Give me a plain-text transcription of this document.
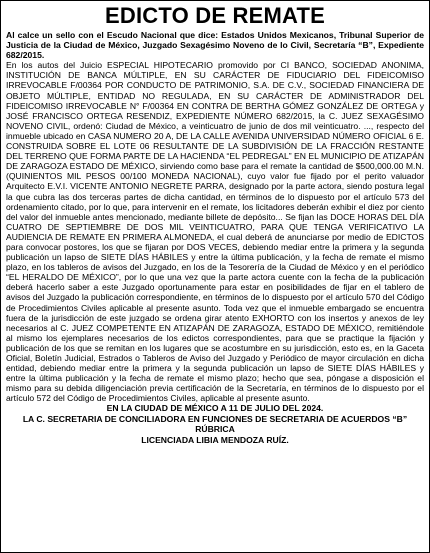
EDICTO DE REMATE

Al calce un sello con el Escudo Nacional que dice: Estados Unidos Mexicanos, Tribunal Superior de Justicia de la Ciudad de México, Juzgado Sexagésimo Noveno de lo Civil, Secretaría “B”, Expediente 682/2015.

En los autos del Juicio ESPECIAL HIPOTECARIO promovido por CI BANCO, SOCIEDAD ANONIMA, INSTITUCIÓN DE BANCA MÚLTIPLE, EN SU CARÁCTER DE FIDUCIARIO DEL FIDEICOMISO IRREVOCABLE F/00364 POR CONDUCTO DE PATRIMONIO, S.A. DE C.V., SOCIEDAD FINANCIERA DE OBJETO MÚLTIPLE, ENTIDAD NO REGULADA, EN SU CARÁCTER DE ADMINISTRADOR DEL FIDEICOMISO IRREVOCABLE N° F/00364 EN CONTRA DE BERTHA GÓMEZ GONZÁLEZ DE ORTEGA y JOSÉ FRANCISCO ORTEGA RESENDIZ, EXPEDIENTE NÚMERO 682/2015, la C. JUEZ SEXAGÉSIMO NOVENO CIVIL, ordenó: Ciudad de México, a veinticuatro de junio de dos mil veinticuatro. ..., respecto del inmueble ubicado en CASA NUMERO 20 A, DE LA CALLE AVENIDA UNIVERSIDAD NÚMERO OFICIAL 6 E. CONSTRUIDA SOBRE EL LOTE 06 RESULTANTE DE LA SUBDIVISIÓN DE LA FRACCIÓN RESTANTE DEL TERRENO QUE FORMA PARTE DE LA HACIENDA “EL PEDREGAL” EN EL MUNICIPIO DE ATIZAPÁN DE ZARAGOZA ESTADO DE MÉXICO, sirviendo como base para el remate la cantidad de $500,000.00 M.N. (QUINIENTOS MIL PESOS 00/100 MONEDA NACIONAL), cuyo valor fue fijado por el perito valuador Arquitecto E.V.I. VICENTE ANTONIO NEGRETE PARRA, designado por la parte actora, siendo postura legal la que cubra las dos terceras partes de dicha cantidad, en términos de lo dispuesto por el artículo 573 del ordenamiento citado, por lo que, para intervenir en el remate, los licitadores deberán exhibir el diez por ciento del valor del inmueble antes mencionado, mediante billete de depósito... Se fijan las DOCE HORAS DEL DÍA CUATRO DE SEPTIEMBRE DE DOS MIL VEINTICUATRO, PARA QUE TENGA VERIFICATIVO LA AUDIENCIA DE REMATE EN PRIMERA ALMONEDA, el cual deberá de anunciarse por medio de EDICTOS para convocar postores, los que se fijaran por DOS VECES, debiendo mediar entre la primera y la segunda publicación un lapso de SIETE DÍAS HÁBILES y entre la última publicación, y la fecha de remate el mismo plazo, en los tableros de avisos del Juzgado, en los de la Tesorería de la Ciudad de México y en el periódico “EL HERALDO DE MÉXICO”, por lo que una vez que la parte actora cuente con la fecha de la publicación deberá hacerlo saber a este Juzgado oportunamente para estar en posibilidades de fijar en el tablero de avisos del Juzgado la publicación correspondiente, en términos de lo dispuesto por el artículo 570 del Código de Procedimientos Civiles aplicable al presente asunto. Toda vez que el inmueble embargado se encuentra fuera de la jurisdicción de este juzgado se ordena girar atento EXHORTO con los insertos y anexos de ley necesarios al C. JUEZ COMPETENTE EN ATIZAPÁN DE ZARAGOZA, ESTADO DE MÉXICO, remitiéndole al mismo los ejemplares necesarios de los edictos correspondientes, para que se practique la fijación y publicación de los que se remitan en los lugares que se acostumbre en su jurisdicción, esto es, en la Gaceta Oficial, Boletín Judicial, Estrados o Tableros de Aviso del Juzgado y Periódico de mayor circulación en dicha entidad, debiendo mediar entre la primera y la segunda publicación un lapso de SIETE DÍAS HÁBILES y entre la última publicación y la fecha de remate el mismo plazo; hecho que sea, póngase a disposición el mismo para su debida diligenciación previa certificación de la Secretaría, en términos de lo dispuesto por el artículo 572 del Código de Procedimientos Civiles, aplicable al presente asunto.

EN LA CIUDAD DE MÉXICO A 11 DE JULIO DEL 2024.

LA C. SECRETARIA DE CONCILIADORA EN FUNCIONES DE SECRETARIA DE ACUERDOS “B”

RÚBRICA

LICENCIADA LIBIA MENDOZA RUÍZ.
